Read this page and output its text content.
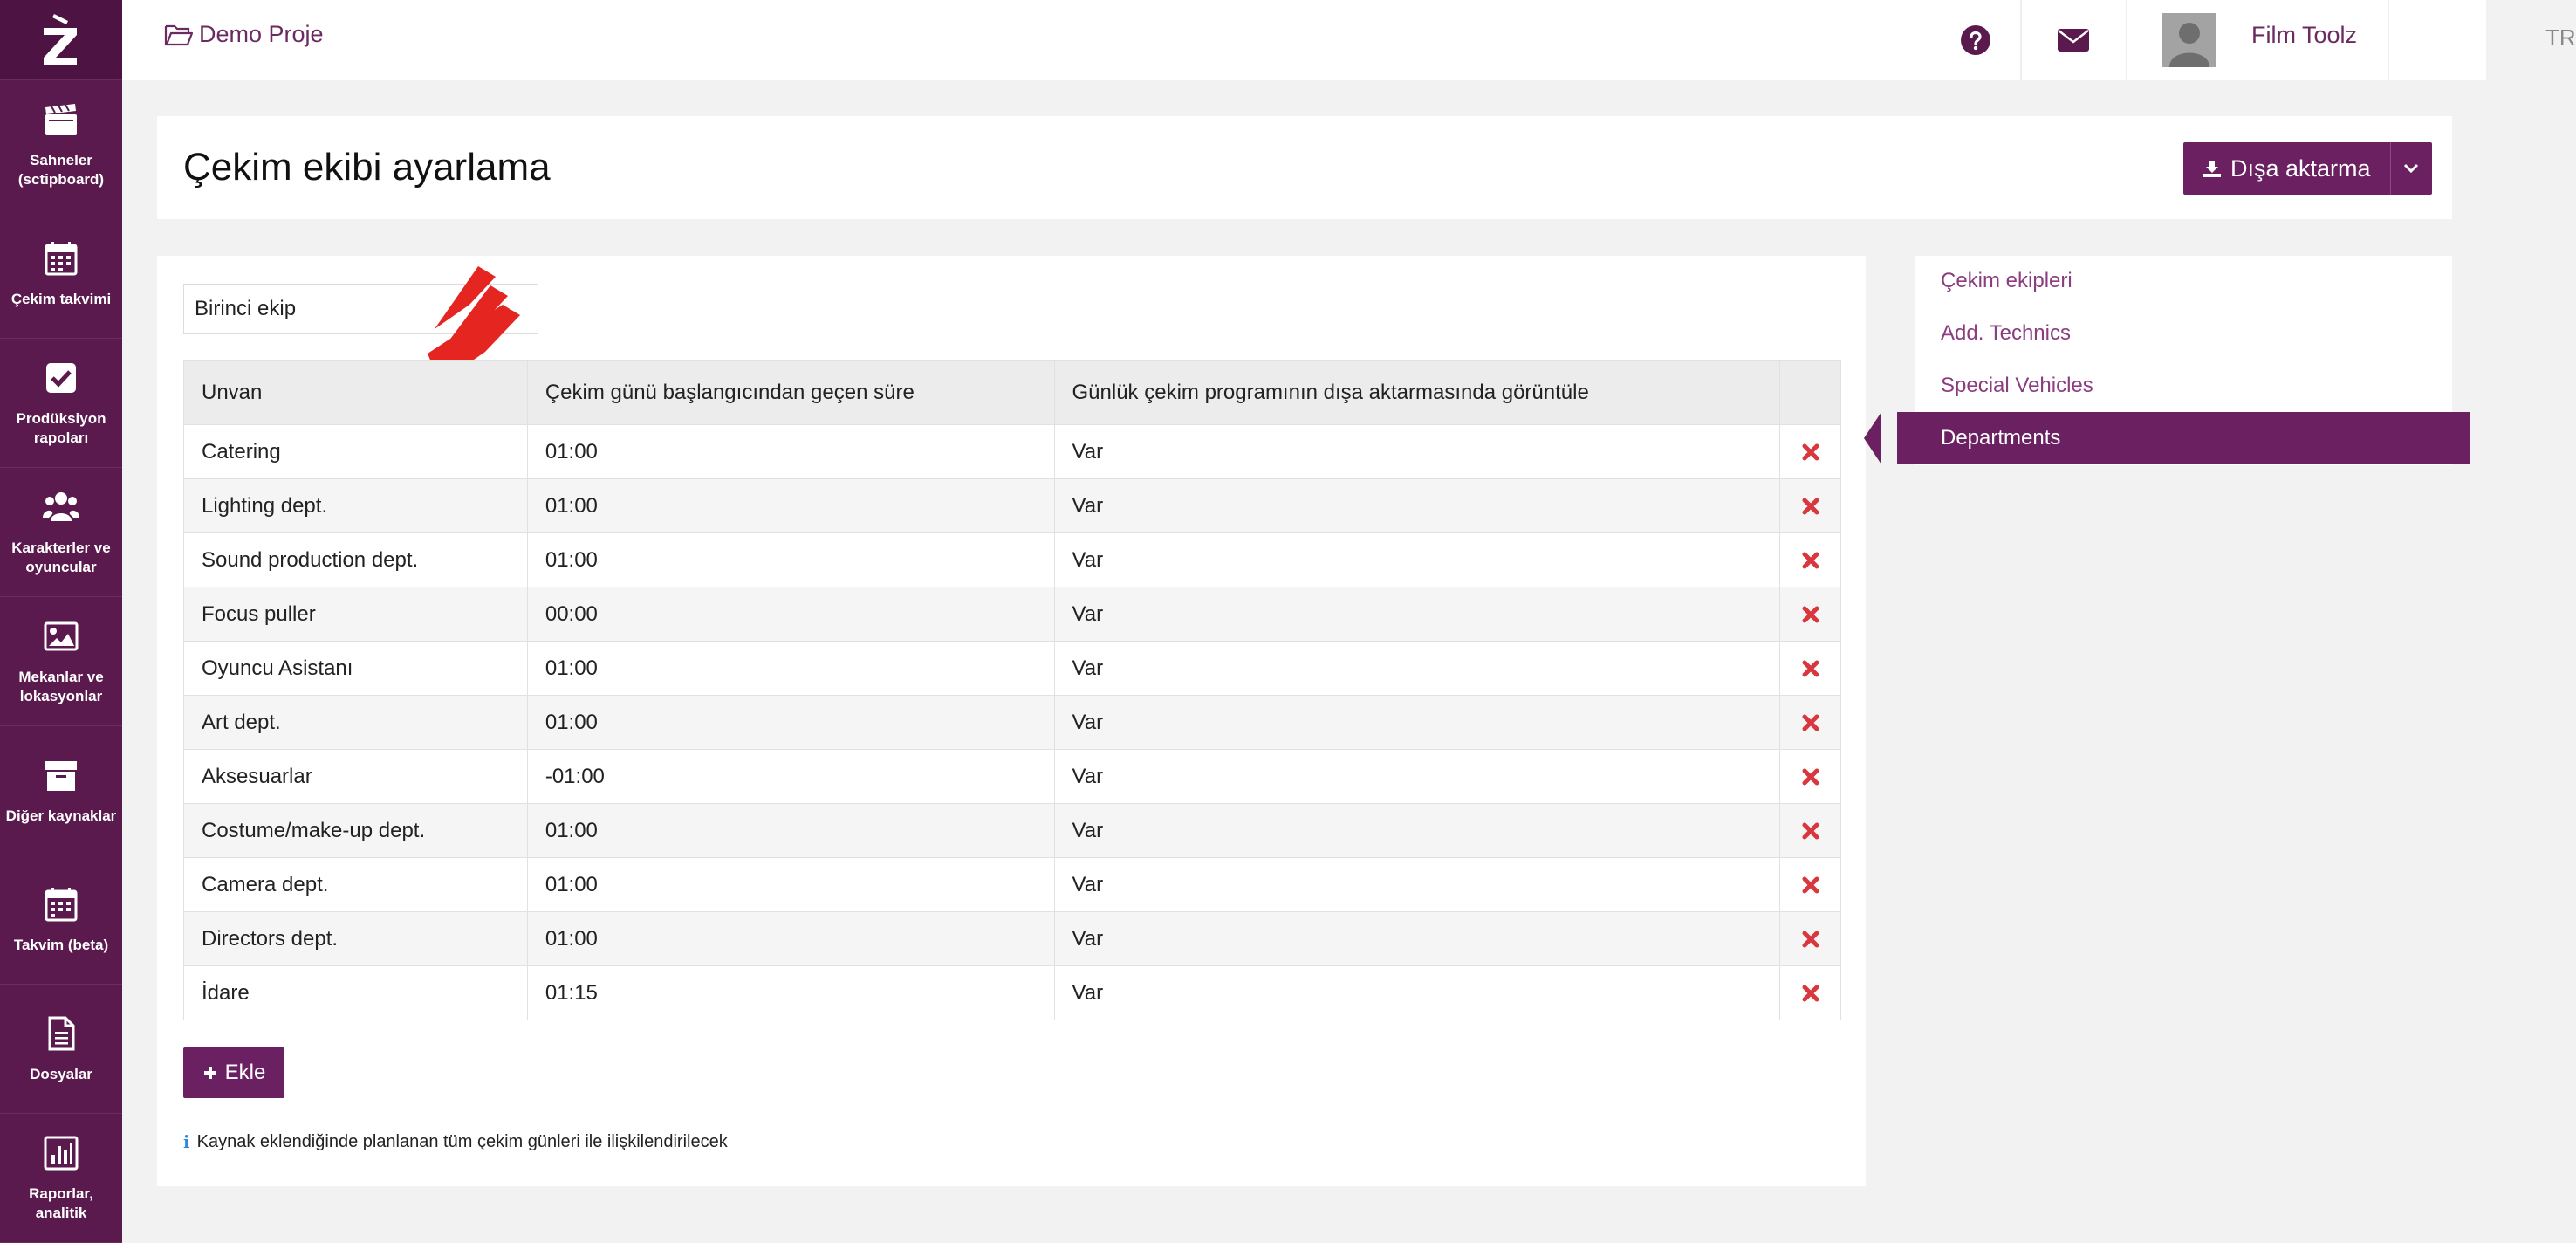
Sahneler (sctipboard)
Çekim takvimi
Prodüksiyon rapoları
Karakterler ve oyuncular
Mekanlar ve lokasyonlar
Diğer kaynaklar
Takvim (beta)
Dosyalar
Raporlar, analitik
Demo Proje	Film Toolz	TR
Çekim ekibi ayarlama	Dışa aktarma
Birinci ekip
Unvan	Çekim günü başlangıcından geçen süre	Günlük çekim programının dışa aktarmasında görüntüle	
Catering	01:00	Var	
Lighting dept.	01:00	Var	
Sound production dept.	01:00	Var	
Focus puller	00:00	Var	
Oyuncu Asistanı	01:00	Var	
Art dept.	01:00	Var	
Aksesuarlar	-01:00	Var	
Costume/make-up dept.	01:00	Var	
Camera dept.	01:00	Var	
Directors dept.	01:00	Var	
İdare	01:15	Var	
Ekle
i Kaynak eklendiğinde planlanan tüm çekim günleri ile ilişkilendirilecek
Çekim ekipleri
Add. Technics
Special Vehicles
Departments
